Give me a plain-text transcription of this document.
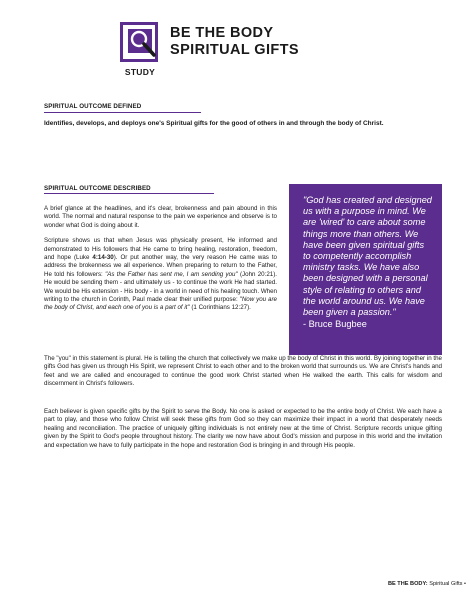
STUDY
BE THE BODY
SPIRITUAL GIFTS
SPIRITUAL OUTCOME DEFINED
Identifies, develops, and deploys one's Spiritual gifts for the good of others in and through the body of Christ.
SPIRITUAL OUTCOME DESCRIBED

A brief glance at the headlines, and it's clear, brokenness and pain abound in this world. The normal and natural response to the pain we experience and observe is to wonder what God is doing about it.

Scripture shows us that when Jesus was physically present, He informed and demonstrated to His followers that He came to bring healing, restoration, freedom, and hope (Luke 4:14-30). Or put another way, the very reason He came was to address the brokenness we all experience. When preparing to return to the Father, He told his followers: "As the Father has sent me, I am sending you" (John 20:21). He would be sending them - and ultimately us - to continue the work He had started. We would be His extension - His body - in a world in need of his healing touch. When writing to the church in Corinth, Paul made clear their unified purpose: "Now you are the body of Christ, and each one of you is a part of it" (1 Corinthians 12:27).

"God has created and designed us with a purpose in mind. We are 'wired' to care about some things more than others. We have been given spiritual gifts to competently accomplish ministry tasks. We have also been designed with a personal style of relating to others and the world around us. We have been given a passion."
- Bruce Bugbee
The "you" in this statement is plural. He is telling the church that collectively we make up the body of Christ in this world. By joining together in the gifts God has given us through His Spirit, we represent Christ to each other and to the broken world that surrounds us. We are Christ's hands and feet and we are called and encouraged to continue the good work Christ started when He walked the earth. This calls for wisdom and discernment in Christ's followers.
Each believer is given specific gifts by the Spirit to serve the Body. No one is asked or expected to be the entire body of Christ. We each have a part to play, and those who follow Christ will seek these gifts from God so they can maximize their impact in a world that desperately needs healing and reconciliation. The practice of uniquely gifting individuals is not entirely new at the time of Christ. Scripture records unique gifting given by the Spirit to God's people throughout history. The clarity we now have about God's mission and purpose in this world and the invitation and expectation we have to fully participate in the hope and restoration God is bringing in and through His people.
BE THE BODY: Spiritual Gifts •
